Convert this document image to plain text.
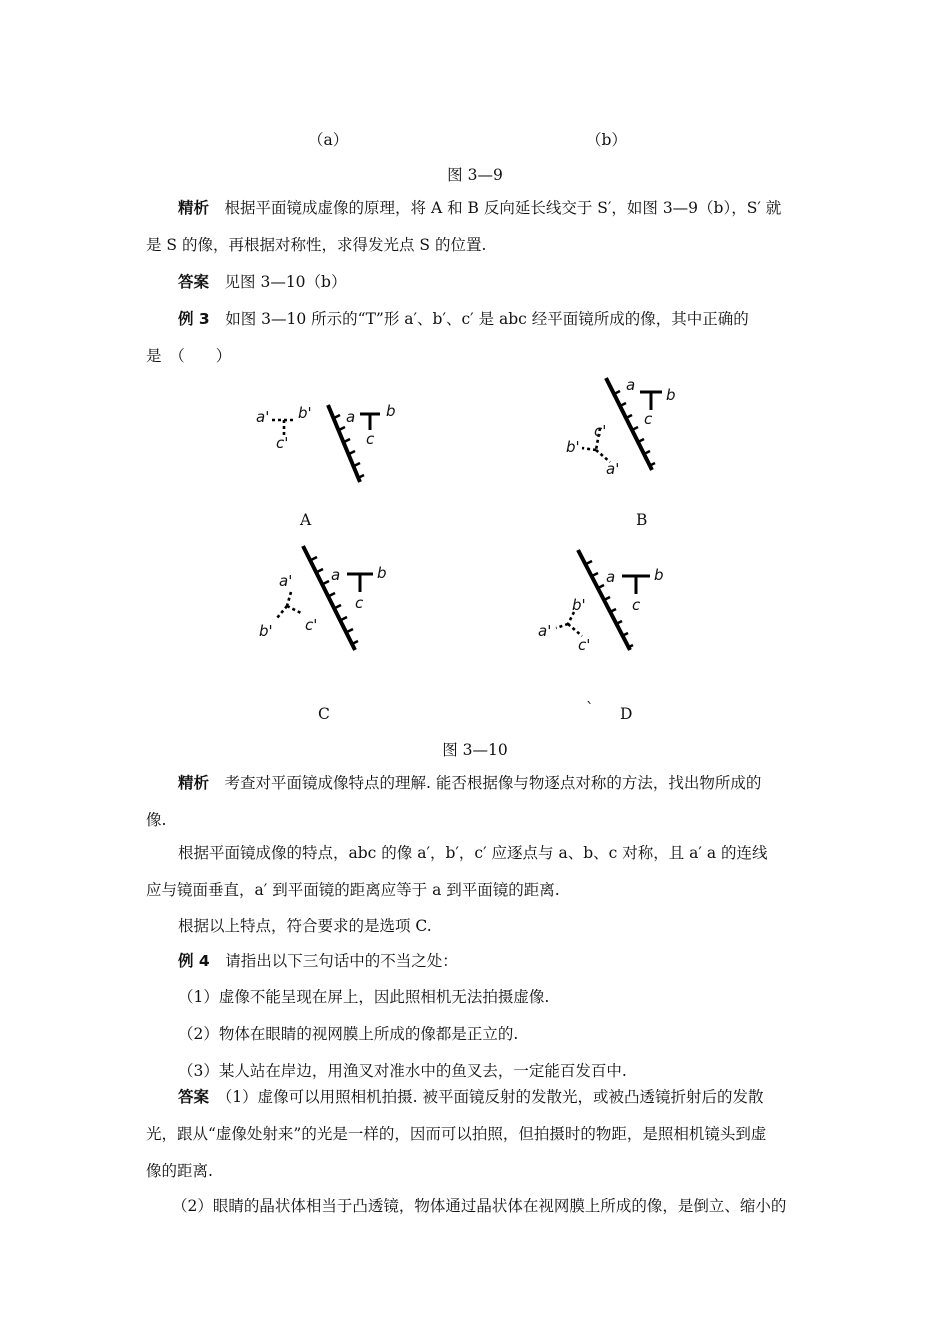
（a）	（b）
图 3—9
精析　 根据平面镜成虚像的原理，将 A 和 B 反向延长线交于 S′，如图 3—9（b），S′ 就
是 S 的像，再根据对称性，求得发光点 S 的位置.
答案　 见图 3—10（b）
例 3　 如图 3—10 所示的“T”形 a′、b′、c′ 是 abc 经平面镜所成的像，其中正确的
是　（　　）
a b
c
a' b'
c'
A
a
b
c
c'
b'
a'
B
a b
c
a'
b' c'
C
a	b
c
b'
a'
c'
` D
图 3—10
精析　 考查对平面镜成像特点的理解. 能否根据像与物逐点对称的方法，找出物所成的
像.
根据平面镜成像的特点，abc 的像 a′，b′，c′ 应逐点与 a、b、c 对称，且 a′ a 的连线
应与镜面垂直，a′ 到平面镜的距离应等于 a 到平面镜的距离.
根据以上特点，符合要求的是选项 C.
例 4　 请指出以下三句话中的不当之处：
（1）虚像不能呈现在屏上，因此照相机无法拍摄虚像.
（2）物体在眼睛的视网膜上所成的像都是正立的.
（3）某人站在岸边，用渔叉对准水中的鱼叉去，一定能百发百中.
答案　 （1）虚像可以用照相机拍摄. 被平面镜反射的发散光，或被凸透镜折射后的发散
光，跟从“虚像处射来”的光是一样的，因而可以拍照，但拍摄时的物距，是照相机镜头到虚
像的距离.
（2）眼睛的晶状体相当于凸透镜，物体通过晶状体在视网膜上所成的像，是倒立、缩小的
